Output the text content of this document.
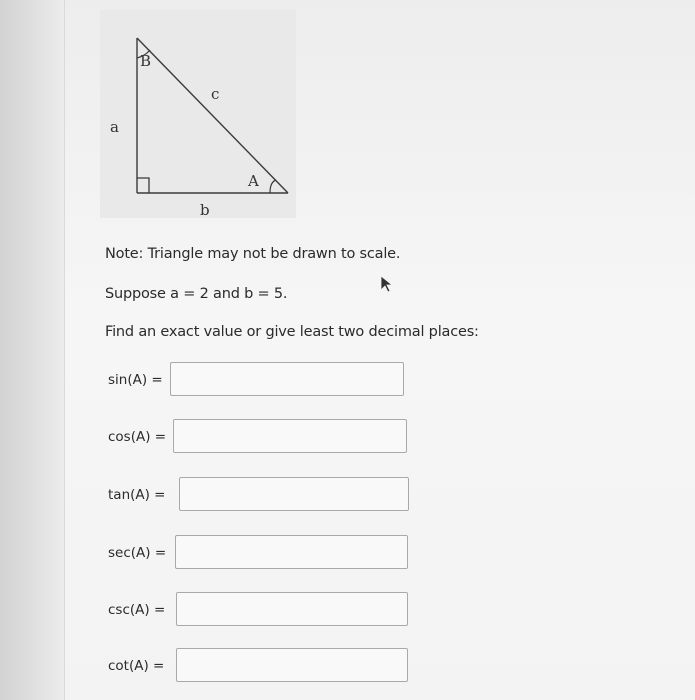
B
c
a
A
b
Note: Triangle may not be drawn to scale.
Suppose a = 2 and b = 5.
Find an exact value or give least two decimal places:
sin(A) =
cos(A) =
tan(A) =
sec(A) =
csc(A) =
cot(A) =
